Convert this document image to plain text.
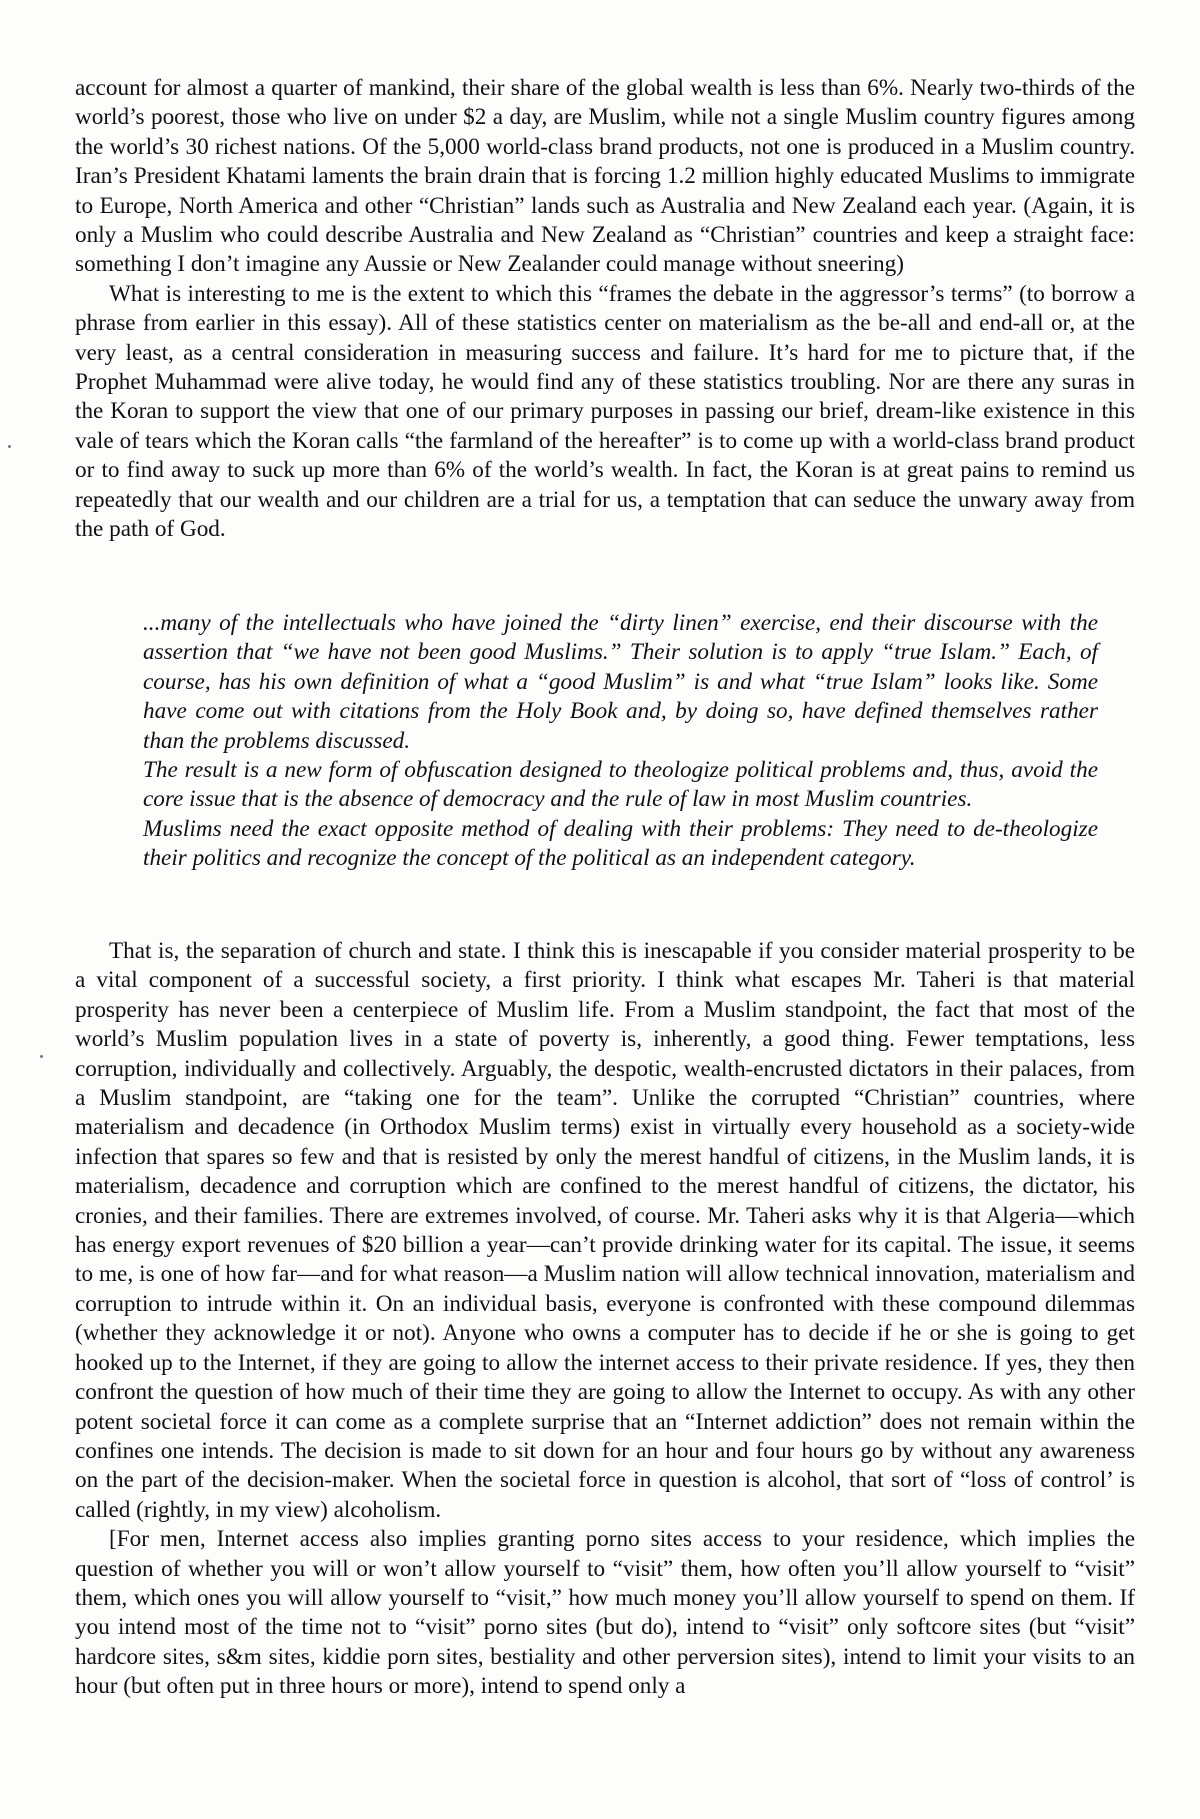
account for almost a quarter of mankind, their share of the global wealth is less than 6%. Nearly two-thirds of the world’s poorest, those who live on under $2 a day, are Muslim, while not a single Muslim country figures among the world’s 30 richest nations. Of the 5,000 world-class brand products, not one is produced in a Muslim country. Iran’s President Khatami laments the brain drain that is forcing 1.2 million highly educated Muslims to immigrate to Europe, North America and other “Christian” lands such as Australia and New Zealand each year. (Again, it is only a Muslim who could describe Australia and New Zealand as “Christian” countries and keep a straight face: something I don’t imagine any Aussie or New Zealander could manage without sneering)

What is interesting to me is the extent to which this “frames the debate in the aggressor’s terms” (to borrow a phrase from earlier in this essay). All of these statistics center on materialism as the be-all and end-all or, at the very least, as a central consideration in measuring success and failure. It’s hard for me to picture that, if the Prophet Muhammad were alive today, he would find any of these statistics troubling. Nor are there any suras in the Koran to support the view that one of our primary purposes in passing our brief, dream-like existence in this vale of tears which the Koran calls “the farmland of the hereafter” is to come up with a world-class brand product or to find away to suck up more than 6% of the world’s wealth. In fact, the Koran is at great pains to remind us repeatedly that our wealth and our children are a trial for us, a temptation that can seduce the unwary away from the path of God.

...many of the intellectuals who have joined the “dirty linen” exercise, end their discourse with the assertion that “we have not been good Muslims.” Their solution is to apply “true Islam.” Each, of course, has his own definition of what a “good Muslim” is and what “true Islam” looks like. Some have come out with citations from the Holy Book and, by doing so, have defined themselves rather than the problems discussed.

The result is a new form of obfuscation designed to theologize political problems and, thus, avoid the core issue that is the absence of democracy and the rule of law in most Muslim countries.

Muslims need the exact opposite method of dealing with their problems: They need to de-theologize their politics and recognize the concept of the political as an independent category.

That is, the separation of church and state. I think this is inescapable if you consider material prosperity to be a vital component of a successful society, a first priority. I think what escapes Mr. Taheri is that material prosperity has never been a centerpiece of Muslim life. From a Muslim standpoint, the fact that most of the world’s Muslim population lives in a state of poverty is, inherently, a good thing. Fewer temptations, less corruption, individually and collectively. Arguably, the despotic, wealth-encrusted dictators in their palaces, from a Muslim standpoint, are “taking one for the team”. Unlike the corrupted “Christian” countries, where materialism and decadence (in Orthodox Muslim terms) exist in virtually every household as a society-wide infection that spares so few and that is resisted by only the merest handful of citizens, in the Muslim lands, it is materialism, decadence and corruption which are confined to the merest handful of citizens, the dictator, his cronies, and their families. There are extremes involved, of course. Mr. Taheri asks why it is that Algeria—which has energy export revenues of $20 billion a year—can’t provide drinking water for its capital. The issue, it seems to me, is one of how far—and for what reason—a Muslim nation will allow technical innovation, materialism and corruption to intrude within it. On an individual basis, everyone is confronted with these compound dilemmas (whether they acknowledge it or not). Anyone who owns a computer has to decide if he or she is going to get hooked up to the Internet, if they are going to allow the internet access to their private residence. If yes, they then confront the question of how much of their time they are going to allow the Internet to occupy. As with any other potent societal force it can come as a complete surprise that an “Internet addiction” does not remain within the confines one intends. The decision is made to sit down for an hour and four hours go by without any awareness on the part of the decision-maker. When the societal force in question is alcohol, that sort of “loss of control’ is called (rightly, in my view) alcoholism.

[For men, Internet access also implies granting porno sites access to your residence, which implies the question of whether you will or won’t allow yourself to “visit” them, how often you’ll allow yourself to “visit” them, which ones you will allow yourself to “visit,” how much money you’ll allow yourself to spend on them. If you intend most of the time not to “visit” porno sites (but do), intend to “visit” only softcore sites (but “visit” hardcore sites, s&m sites, kiddie porn sites, bestiality and other perversion sites), intend to limit your visits to an hour (but often put in three hours or more), intend to spend only a
